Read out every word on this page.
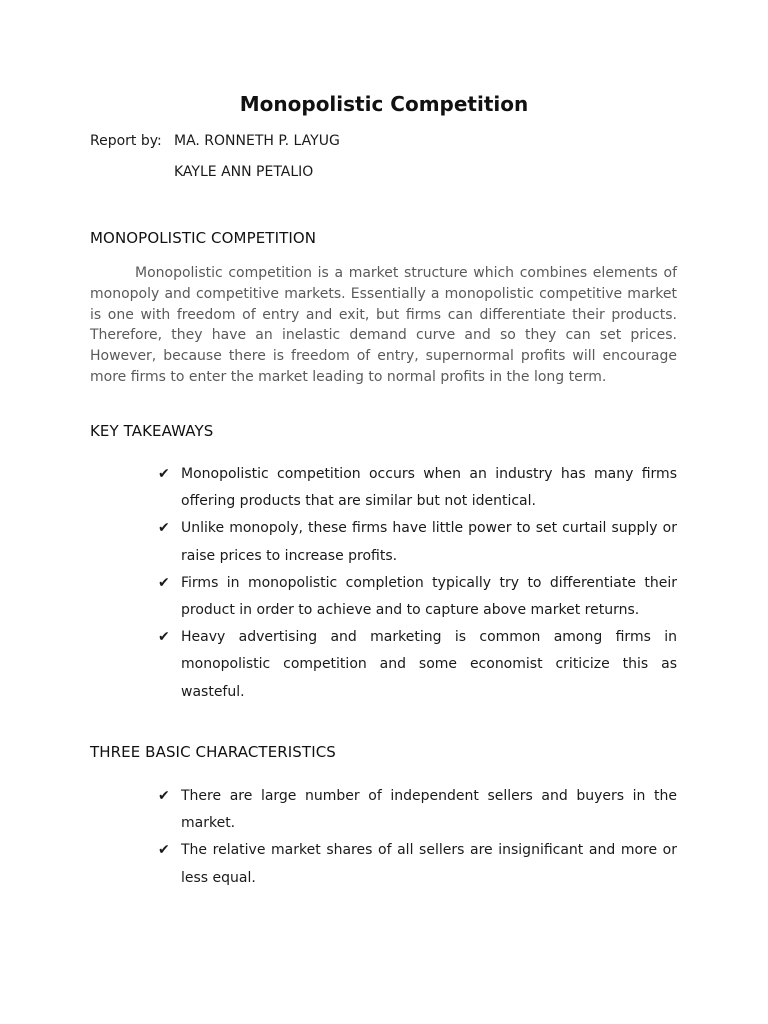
Monopolistic Competition
Report by: MA. RONNETH P. LAYUG
KAYLE ANN PETALIO
MONOPOLISTIC COMPETITION

Monopolistic competition is a market structure which combines elements of monopoly and competitive markets. Essentially a monopolistic competitive market is one with freedom of entry and exit, but firms can differentiate their products. Therefore, they have an inelastic demand curve and so they can set prices. However, because there is freedom of entry, supernormal profits will encourage more firms to enter the market leading to normal profits in the long term.

KEY TAKEAWAYS
✔ Monopolistic competition occurs when an industry has many firms offering products that are similar but not identical.
✔ Unlike monopoly, these firms have little power to set curtail supply or raise prices to increase profits.
✔ Firms in monopolistic completion typically try to differentiate their product in order to achieve and to capture above market returns.
✔ Heavy advertising and marketing is common among firms in monopolistic competition and some economist criticize this as wasteful.
THREE BASIC CHARACTERISTICS
✔ There are large number of independent sellers and buyers in the market.
✔ The relative market shares of all sellers are insignificant and more or less equal.
